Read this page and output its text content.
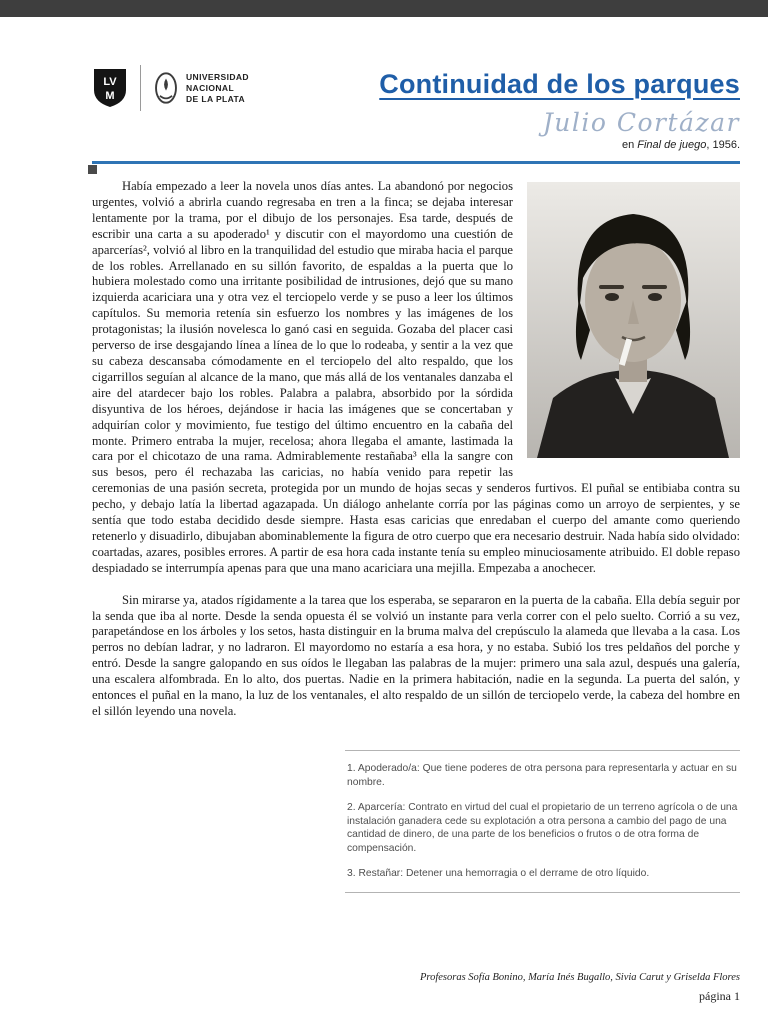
LV
M
UNIVERSIDAD
NACIONAL
DE LA PLATA	Continuidad de los parques
Julio Cortázar
en Final de juego, 1956.

Había empezado a leer la novela unos días antes. La abandonó por negocios urgentes, volvió a abrirla cuando regresaba en tren a la finca; se dejaba interesar lentamente por la trama, por el dibujo de los personajes. Esa tarde, después de escribir una carta a su apoderado¹ y discutir con el mayordomo una cuestión de aparcerías², volvió al libro en la tranquilidad del estudio que miraba hacia el parque de los robles. Arrellanado en su sillón favorito, de espaldas a la puerta que lo hubiera molestado como una irritante posibilidad de intrusiones, dejó que su mano izquierda acariciara una y otra vez el terciopelo verde y se puso a leer los últimos capítulos. Su memoria retenía sin esfuerzo los nombres y las imágenes de los protagonistas; la ilusión novelesca lo ganó casi en seguida. Gozaba del placer casi perverso de irse desgajando línea a línea de lo que lo rodeaba, y sentir a la vez que su cabeza descansaba cómodamente en el terciopelo del alto respaldo, que los cigarrillos seguían al alcance de la mano, que más allá de los ventanales danzaba el aire del atardecer bajo los robles. Palabra a palabra, absorbido por la sórdida disyuntiva de los héroes, dejándose ir hacia las imágenes que se concertaban y adquirían color y movimiento, fue testigo del último encuentro en la cabaña del monte. Primero entraba la mujer, recelosa; ahora llegaba el amante, lastimada la cara por el chicotazo de una rama. Admirablemente restañaba³ ella la sangre con sus besos, pero él rechazaba las caricias, no había venido para repetir las ceremonias de una pasión secreta, protegida por un mundo de hojas secas y senderos furtivos. El puñal se entibiaba contra su pecho, y debajo latía la libertad agazapada. Un diálogo anhelante corría por las páginas como un arroyo de serpientes, y se sentía que todo estaba decidido desde siempre. Hasta esas caricias que enredaban el cuerpo del amante como queriendo retenerlo y disuadirlo, dibujaban abominablemente la figura de otro cuerpo que era necesario destruir. Nada había sido olvidado: coartadas, azares, posibles errores. A partir de esa hora cada instante tenía su empleo minuciosamente atribuido. El doble repaso despiadado se interrumpía apenas para que una mano acariciara una mejilla. Empezaba a anochecer.

Sin mirarse ya, atados rígidamente a la tarea que los esperaba, se separaron en la puerta de la cabaña. Ella debía seguir por la senda que iba al norte. Desde la senda opuesta él se volvió un instante para verla correr con el pelo suelto. Corrió a su vez, parapetándose en los árboles y los setos, hasta distinguir en la bruma malva del crepúsculo la alameda que llevaba a la casa. Los perros no debían ladrar, y no ladraron. El mayordomo no estaría a esa hora, y no estaba. Subió los tres peldaños del porche y entró. Desde la sangre galopando en sus oídos le llegaban las palabras de la mujer: primero una sala azul, después una galería, una escalera alfombrada. En lo alto, dos puertas. Nadie en la primera habitación, nadie en la segunda. La puerta del salón, y entonces el puñal en la mano, la luz de los ventanales, el alto respaldo de un sillón de terciopelo verde, la cabeza del hombre en el sillón leyendo una novela.

1. Apoderado/a: Que tiene poderes de otra persona para representarla y actuar en su nombre.

2. Aparcería: Contrato en virtud del cual el propietario de un terreno agrícola o de una instalación ganadera cede su explotación a otra persona a cambio del pago de una cantidad de dinero, de una parte de los beneficios o frutos o de otra forma de compensación.

3. Restañar: Detener una hemorragia o el derrame de otro líquido.

Profesoras Sofía Bonino, María Inés Bugallo, Sivia Carut y Griselda Flores
página 1
